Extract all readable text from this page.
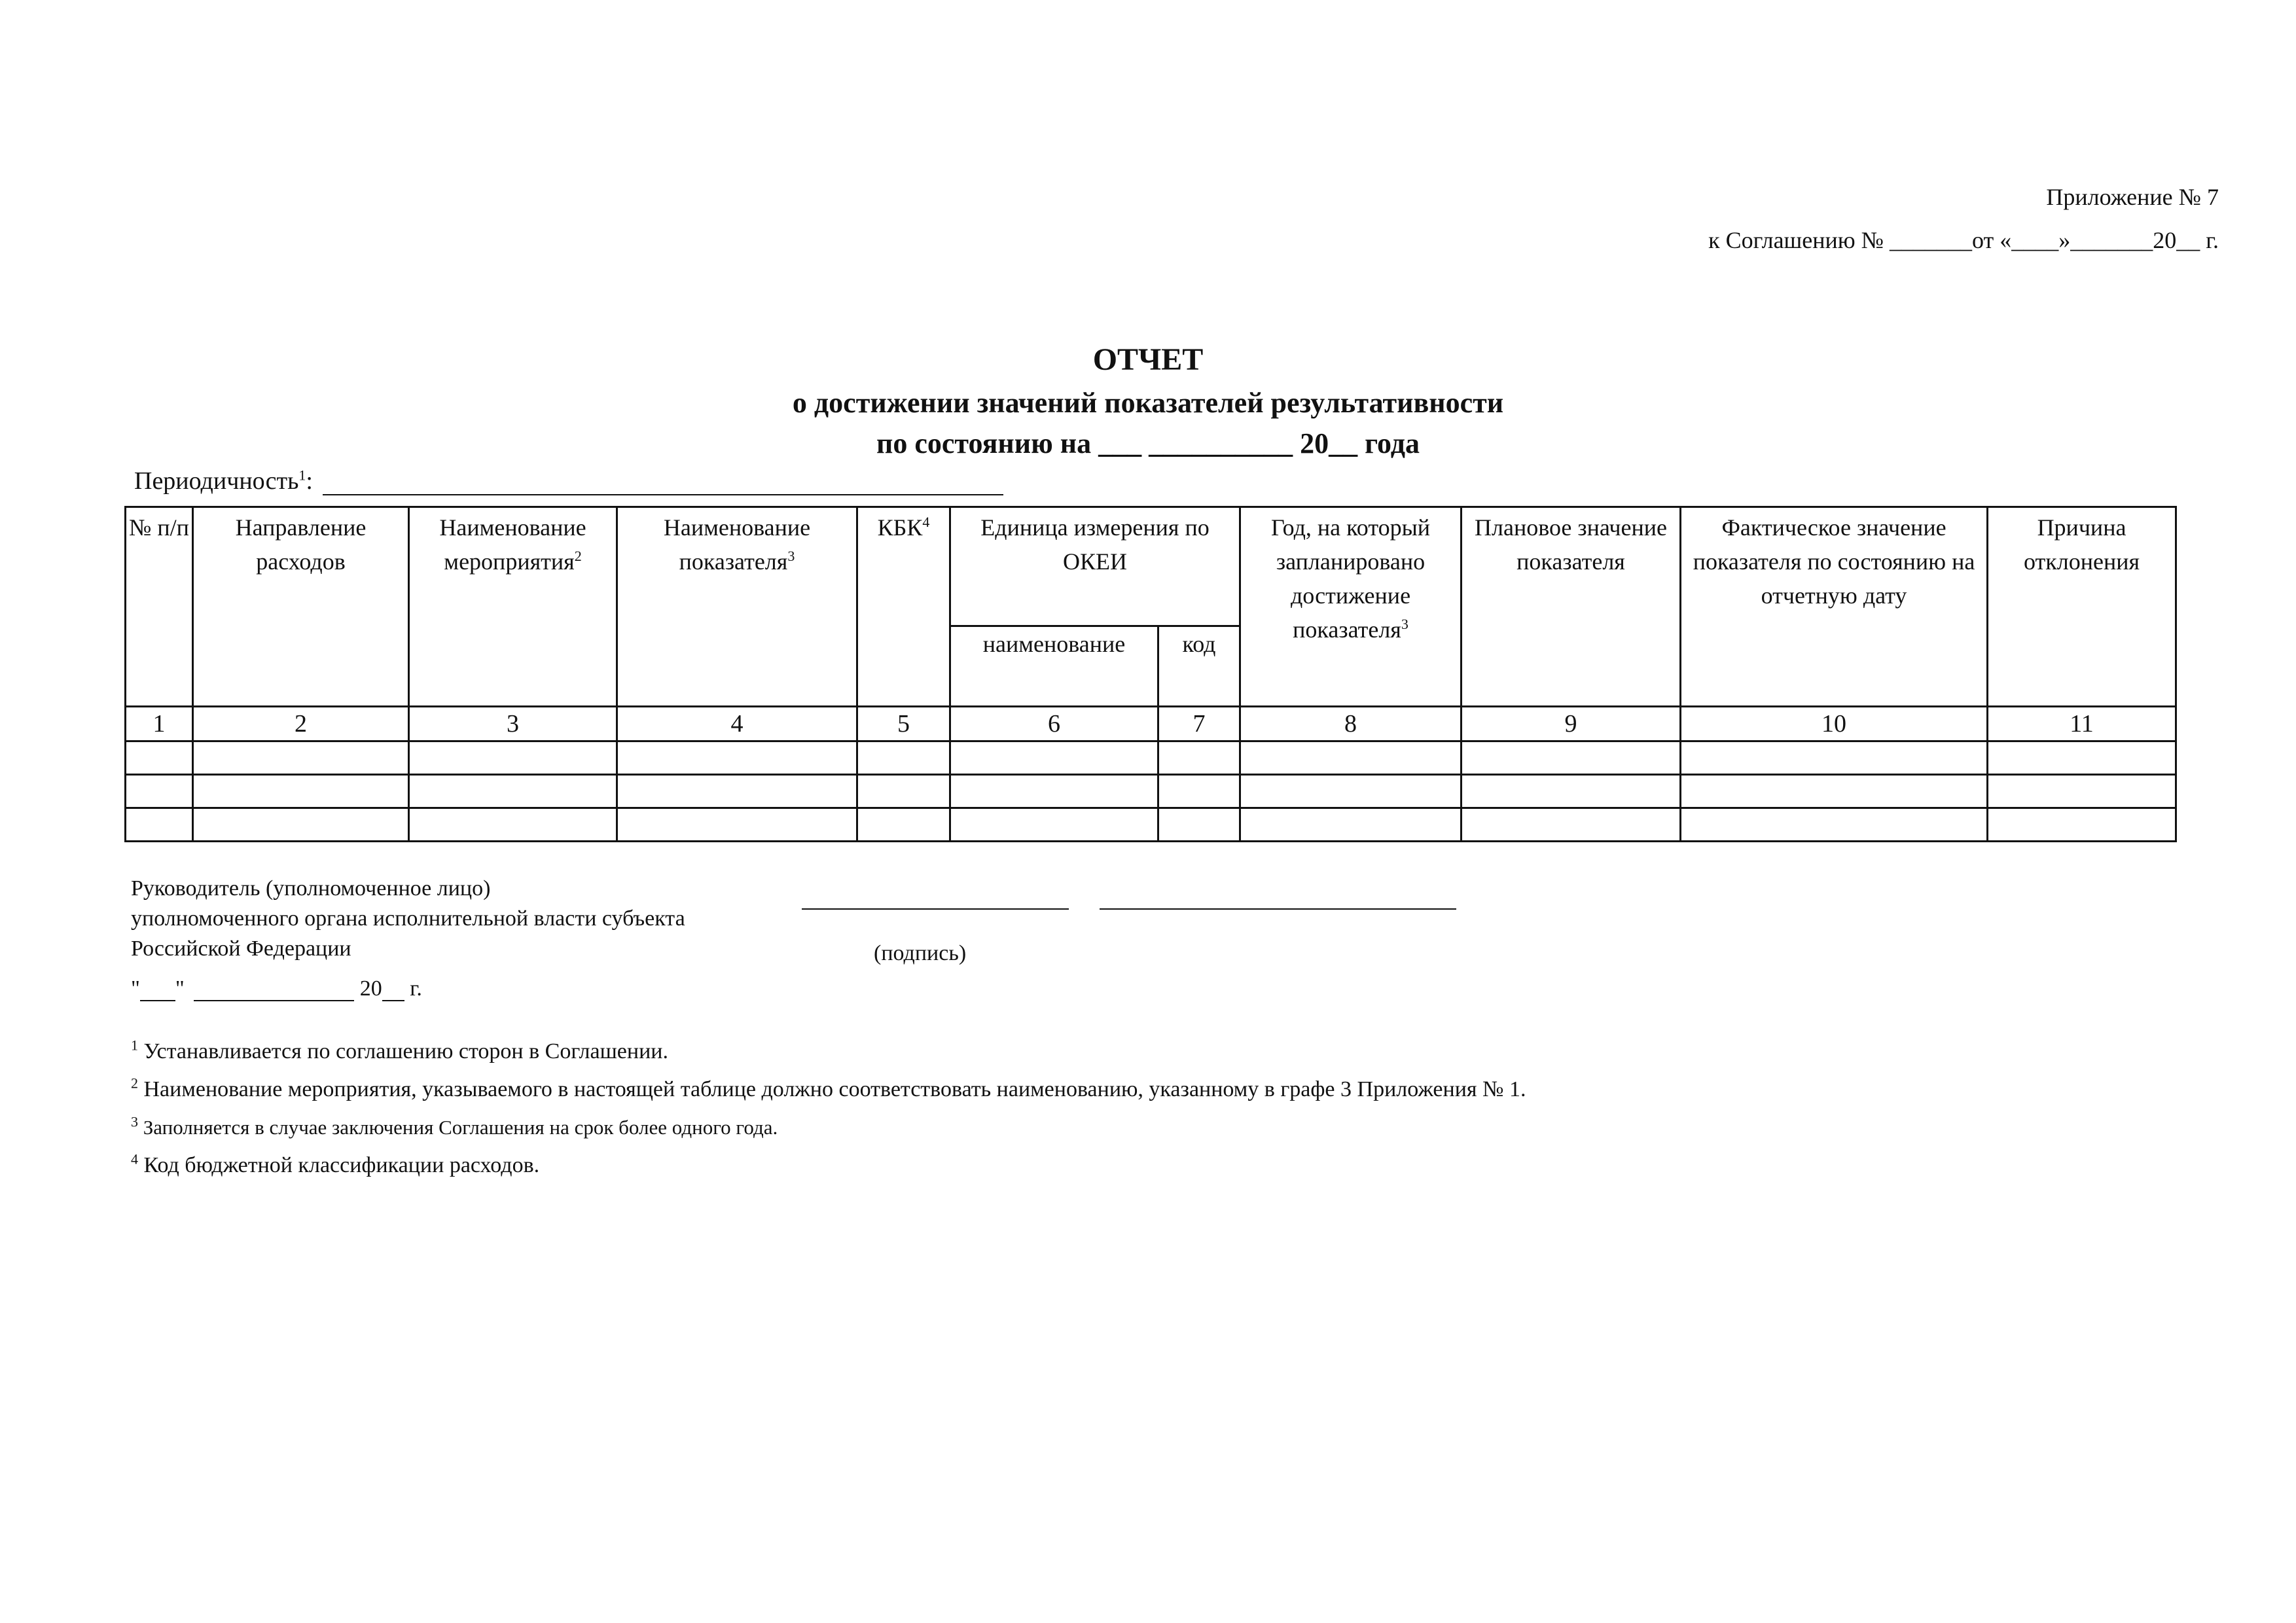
Приложение № 7
к Соглашению № _______от «____»_______20__ г.
ОТЧЕТ
о достижении значений показателей результативности
по состоянию на ___ __________ 20__ года
Периодичность$^1$:
№ п/п	Направление расходов	Наименование мероприятия$^2$	Наименование показателя$^3$	КБК$^4$	Единица измерения по ОКЕИ		Год, на который запланировано достижение показателя$^3$	Плановое значение показателя	Фактическое значение показателя по состоянию на отчетную дату	Причина отклонения
					наименование	код				
1	2	3	4	5	6	7	8	9	10	11

Руководитель (уполномоченное лицо)
уполномоченного органа исполнительной власти субъекта
Российской Федерации	(подпись)
" "	20 г.
$^1$ Устанавливается по соглашению сторон в Соглашении.
$^2$ Наименование мероприятия, указываемого в настоящей таблице должно соответствовать наименованию, указанному в графе 3 Приложения № 1.
$^3$ Заполняется в случае заключения Соглашения на срок более одного года.
$^4$ Код бюджетной классификации расходов.
